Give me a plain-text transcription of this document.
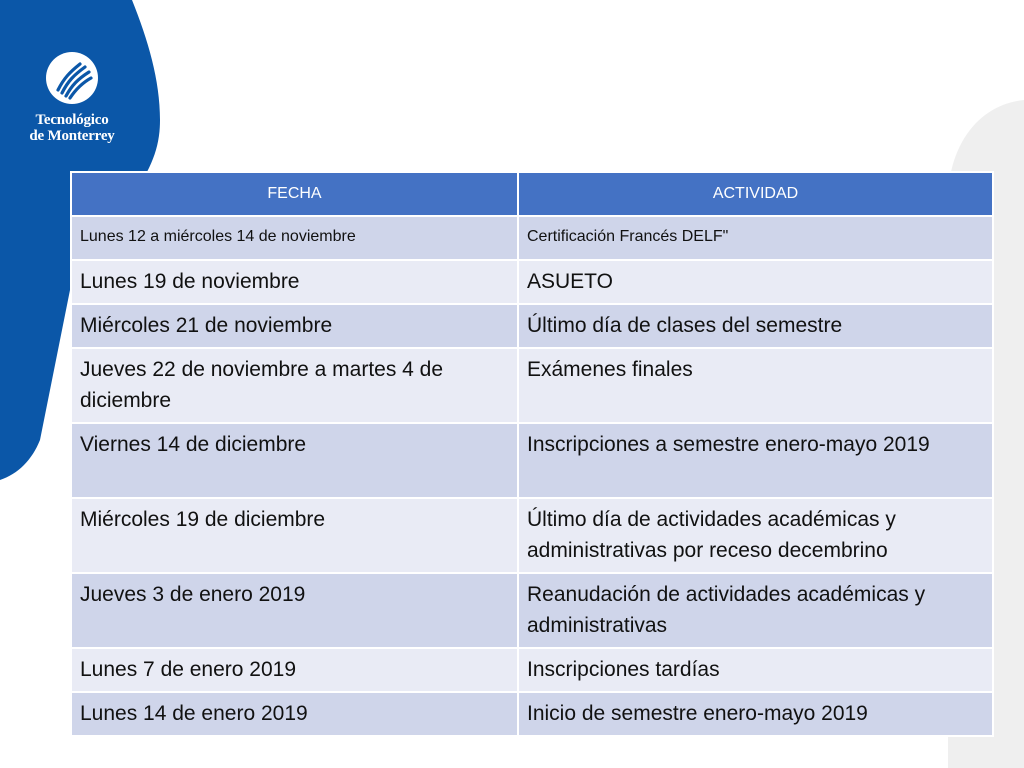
Tecnológico
de Monterrey
FECHA	ACTIVIDAD
Lunes 12 a miércoles 14 de noviembre	Certificación Francés DELF"
Lunes 19 de noviembre	ASUETO
Miércoles 21 de noviembre	Último día de clases del semestre
Jueves 22 de noviembre a martes 4 de diciembre	Exámenes finales
Viernes 14 de diciembre	Inscripciones a semestre enero-mayo 2019
Miércoles 19 de diciembre	Último día de actividades académicas y administrativas por receso decembrino
Jueves 3 de enero 2019	Reanudación de actividades académicas y administrativas
Lunes 7 de enero 2019	Inscripciones tardías
Lunes 14 de enero 2019	Inicio de semestre enero-mayo 2019
